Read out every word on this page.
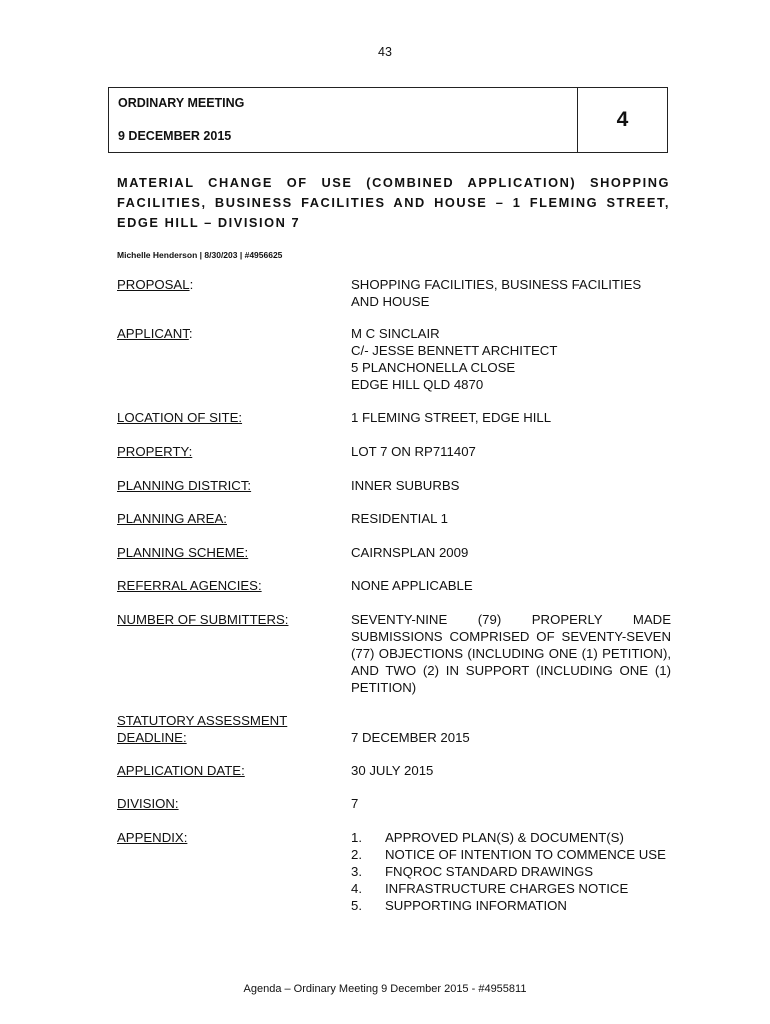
43
ORDINARY MEETING
9 DECEMBER 2015
4
MATERIAL CHANGE OF USE (COMBINED APPLICATION) SHOPPING FACILITIES, BUSINESS FACILITIES AND HOUSE – 1 FLEMING STREET, EDGE HILL – DIVISION 7
Michelle Henderson | 8/30/203 | #4956625
PROPOSAL:	SHOPPING FACILITIES, BUSINESS FACILITIES
AND HOUSE
APPLICANT:	M C SINCLAIR
C/- JESSE BENNETT ARCHITECT
5 PLANCHONELLA CLOSE
EDGE HILL QLD 4870
LOCATION OF SITE:	1 FLEMING STREET, EDGE HILL
PROPERTY:	LOT 7 ON RP711407
PLANNING DISTRICT:	INNER SUBURBS
PLANNING AREA:	RESIDENTIAL 1
PLANNING SCHEME:	CAIRNSPLAN 2009
REFERRAL AGENCIES:	NONE APPLICABLE
NUMBER OF SUBMITTERS:	SEVENTY-NINE (79) PROPERLY MADE SUBMISSIONS COMPRISED OF SEVENTY-SEVEN (77) OBJECTIONS (INCLUDING ONE (1) PETITION), AND TWO (2) IN SUPPORT (INCLUDING ONE (1) PETITION)
STATUTORY ASSESSMENT
DEADLINE:	7 DECEMBER 2015
APPLICATION DATE:	30 JULY 2015
DIVISION:	7
APPENDIX:	1.	APPROVED PLAN(S) & DOCUMENT(S)
2.	NOTICE OF INTENTION TO COMMENCE USE
3.	FNQROC STANDARD DRAWINGS
4.	INFRASTRUCTURE CHARGES NOTICE
5.	SUPPORTING INFORMATION
Agenda – Ordinary Meeting 9 December 2015 - #4955811
